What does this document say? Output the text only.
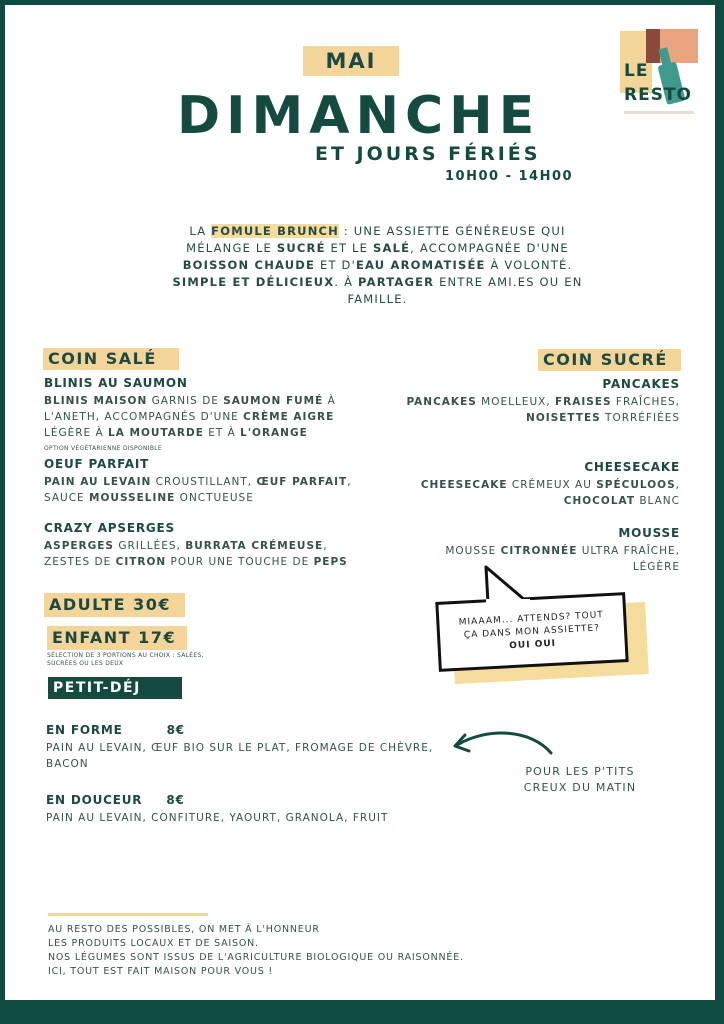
LE
RESTO
MAI
DIMANCHE
ET JOURS FÉRIÉS
10H00 - 14H00
LA FOMULE BRUNCH : UNE ASSIETTE GÉNÉREUSE QUI MÉLANGE LE SUCRÉ ET LE SALÉ, ACCOMPAGNÉE D'UNE BOISSON CHAUDE ET D'EAU AROMATISÉE À VOLONTÉ. SIMPLE ET DÉLICIEUX. À PARTAGER ENTRE AMI.ES OU EN FAMILLE.
COIN SALÉ
BLINIS AU SAUMON
BLINIS MAISON GARNIS DE SAUMON FUMÉ À L'ANETH, ACCOMPAGNÉS D'UNE CRÈME AIGRE LÉGÈRE À LA MOUTARDE ET À L'ORANGE
OPTION VÉGÉTARIENNE DISPONIBLE
OEUF PARFAIT
PAIN AU LEVAIN CROUSTILLANT, ŒUF PARFAIT, SAUCE MOUSSELINE ONCTUEUSE
CRAZY APSERGES
ASPERGES GRILLÉES, BURRATA CRÉMEUSE, ZESTES DE CITRON POUR UNE TOUCHE DE PEPS
COIN SUCRÉ
PANCAKES
PANCAKES MOELLEUX, FRAISES FRAÎCHES, NOISETTES TORRÉFIÉES
CHEESECAKE
CHEESECAKE CRÉMEUX AU SPÉCULOOS, CHOCOLAT BLANC
MOUSSE
MOUSSE CITRONNÉE ULTRA FRAÎCHE, LÉGÈRE
ADULTE 30€
ENFANT 17€
SÉLECTION DE 3 PORTIONS AU CHOIX : SALÉES, SUCRÉES OU LES DEUX
MIAAAM... ATTENDS? TOUT
ÇA DANS MON ASSIETTE?
OUI OUI
PETIT-DÉJ
EN FORME	8€
PAIN AU LEVAIN, ŒUF BIO SUR LE PLAT, FROMAGE DE CHÈVRE, BACON
EN DOUCEUR 8€
PAIN AU LEVAIN, CONFITURE, YAOURT, GRANOLA, FRUIT
POUR LES P'TITS CREUX DU MATIN
AU RESTO DES POSSIBLES, ON MET À L'HONNEUR
LES PRODUITS LOCAUX ET DE SAISON.
NOS LÉGUMES SONT ISSUS DE L'AGRICULTURE BIOLOGIQUE OU RAISONNÉE.
ICI, TOUT EST FAIT MAISON POUR VOUS !
